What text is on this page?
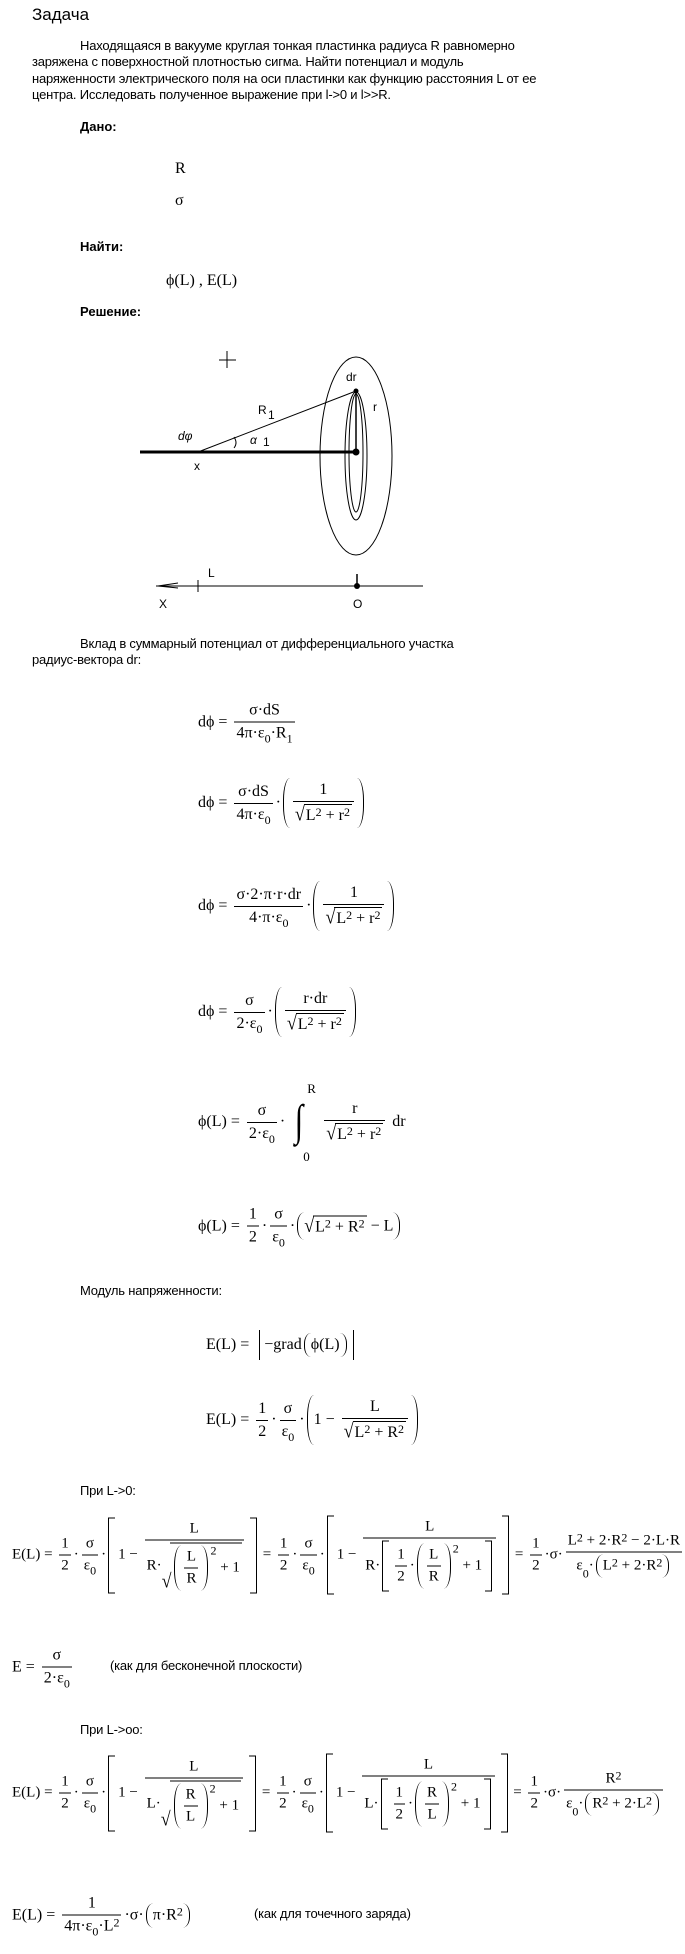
Задача
Находящаяся в вакууме круглая тонкая пластинка радиуса R равномерно
заряжена с поверхностной плотностью сигма. Найти потенциал и модуль
наряженности электрического поля на оси пластинки как функцию расстояния L от ее
центра. Исследовать полученное выражение при l->0 и l>>R.
Дано:
R
σ
Найти:
ϕ(L) , E(L)
Решение:
dr
R 1
r
dφ	α 1
x
L
X	O
Вклад в суммарный потенциал от дифференциального участка
радиус-вектора dr:
$d\phi = \frac{\sigma\cdot dS}{4\pi\cdot\varepsilon 0 \cdot R 1}$
$d\phi = \frac{\sigma\cdot dS}{4\pi\cdot\varepsilon 0} \cdot \frac{1}{√ L 2 + r 2}$
$d\phi = \frac{\sigma\cdot 2\cdot\pi\cdot r\cdot dr}{4\cdot\pi\cdot\varepsilon 0} \cdot \frac{1}{√ L 2 + r 2}$
$d\phi = \frac{\sigma}{2\cdot\varepsilon 0} \cdot \frac{r\cdot dr}{√ L 2 + r 2}$
$\phi(L) = \frac{\sigma}{2\cdot\varepsilon 0}$ · ∫
R
0
$\frac{r}{√ L 2 + r 2}$ dr
$\phi(L) = \frac{1}{2} \cdot \frac{\sigma}{\varepsilon 0}$ · √ L 2 + R 2 − L
Модуль напряженности:
E(L) = −grad ϕ(L)
$E(L) = \frac{1}{2} \cdot \frac{\sigma}{\varepsilon 0} \cdot 1 - \frac{L}{√ L 2 + R 2}$
При L->0:
$E(L) = \frac{1}{2} \cdot \frac{\sigma}{\varepsilon 0} \cdot 1 - L$
R·
√ $\frac{L}{R} 2$
+ $1 = \frac{1}{2} \cdot \frac{\sigma}{\varepsilon 0} \cdot 1 - L$
$R\cdot \frac{1}{2} \cdot \frac{L}{R} 2$
+ $1 = \frac{1}{2} \cdot\sigma\cdot \frac{L 2 + 2\cdot R 2 - 2\cdot L\cdot R}{\varepsilon 0 \cdot L 2 + 2\cdot R 2}$
$E = \frac{\sigma}{2\cdot\varepsilon 0}$	(как для бесконечной плоскости)
При L->oo:
$E(L) = \frac{1}{2} \cdot \frac{\sigma}{\varepsilon 0} \cdot 1 - L$
L·
√ $\frac{R}{L} 2$
+ $1 = \frac{1}{2} \cdot \frac{\sigma}{\varepsilon 0} \cdot 1 - L$
$L\cdot \frac{1}{2} \cdot \frac{R}{L} 2$
+ $1 = \frac{1}{2} \cdot\sigma\cdot \frac{R 2}{\varepsilon 0 \cdot R 2 + 2\cdot L 2}$
$E(L) = \frac{1}{4\pi\cdot\varepsilon 0 \cdot L 2} \cdot\sigma\cdot \pi\cdot R$ 2	(как для точечного заряда)
